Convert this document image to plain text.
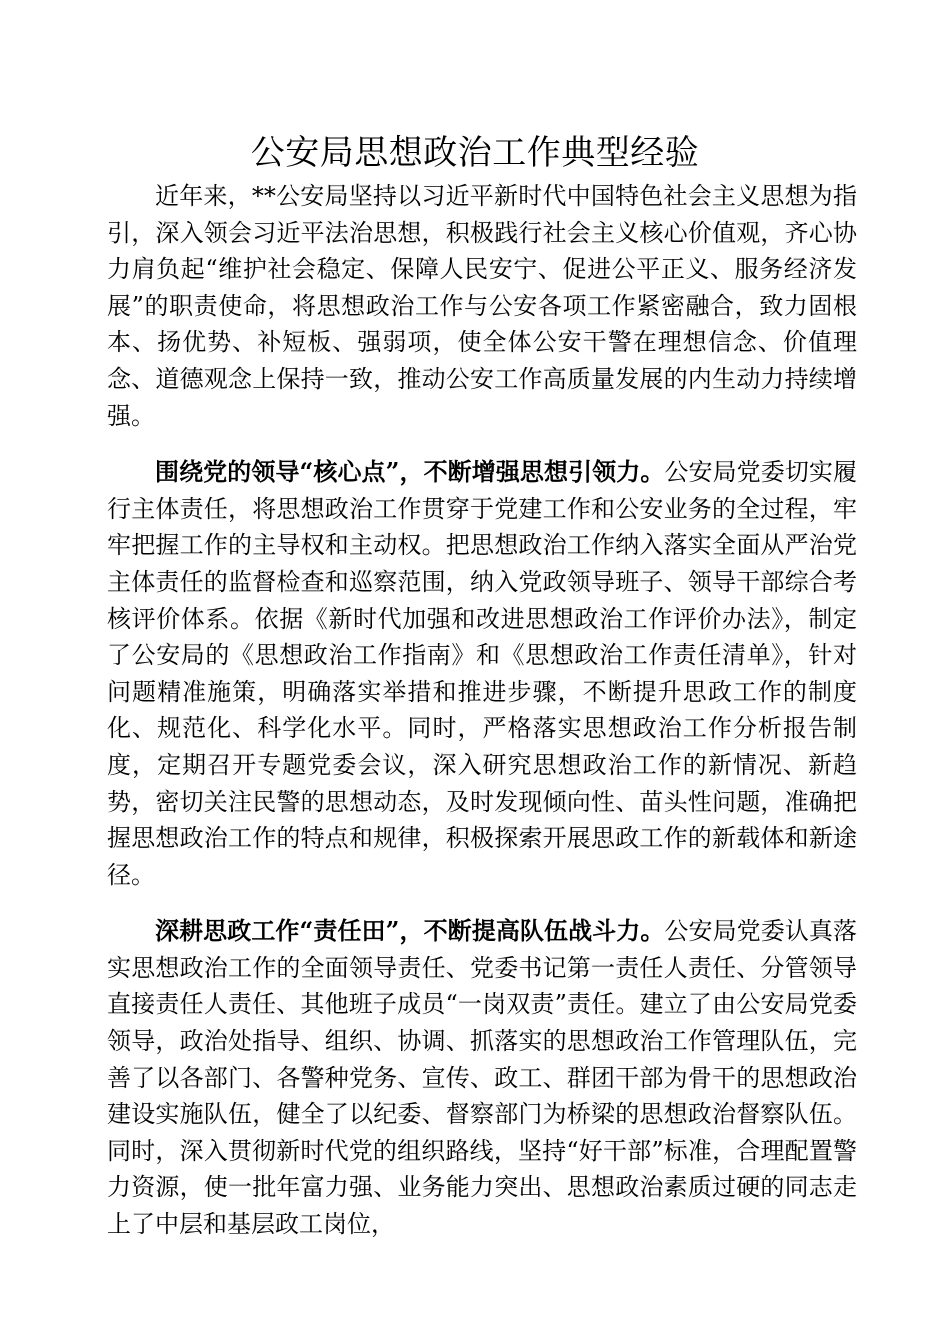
公安局思想政治工作典型经验

近年来，**公安局坚持以习近平新时代中国特色社会主义思想为指引，深入领会习近平法治思想，积极践行社会主义核心价值观，齐心协力肩负起“维护社会稳定、保障人民安宁、促进公平正义、服务经济发展”的职责使命，将思想政治工作与公安各项工作紧密融合，致力固根本、扬优势、补短板、强弱项，使全体公安干警在理想信念、价值理念、道德观念上保持一致，推动公安工作高质量发展的内生动力持续增强。

围绕党的领导“核心点”，不断增强思想引领力。公安局党委切实履行主体责任，将思想政治工作贯穿于党建工作和公安业务的全过程，牢牢把握工作的主导权和主动权。把思想政治工作纳入落实全面从严治党主体责任的监督检查和巡察范围，纳入党政领导班子、领导干部综合考核评价体系。依据《新时代加强和改进思想政治工作评价办法》，制定了公安局的《思想政治工作指南》和《思想政治工作责任清单》，针对问题精准施策，明确落实举措和推进步骤，不断提升思政工作的制度化、规范化、科学化水平。同时，严格落实思想政治工作分析报告制度，定期召开专题党委会议，深入研究思想政治工作的新情况、新趋势，密切关注民警的思想动态，及时发现倾向性、苗头性问题，准确把握思想政治工作的特点和规律，积极探索开展思政工作的新载体和新途径。

深耕思政工作“责任田”，不断提高队伍战斗力。公安局党委认真落实思想政治工作的全面领导责任、党委书记第一责任人责任、分管领导直接责任人责任、其他班子成员“一岗双责”责任。建立了由公安局党委领导，政治处指导、组织、协调、抓落实的思想政治工作管理队伍，完善了以各部门、各警种党务、宣传、政工、群团干部为骨干的思想政治建设实施队伍，健全了以纪委、督察部门为桥梁的思想政治督察队伍。同时，深入贯彻新时代党的组织路线，坚持“好干部”标准，合理配置警力资源，使一批年富力强、业务能力突出、思想政治素质过硬的同志走上了中层和基层政工岗位，
